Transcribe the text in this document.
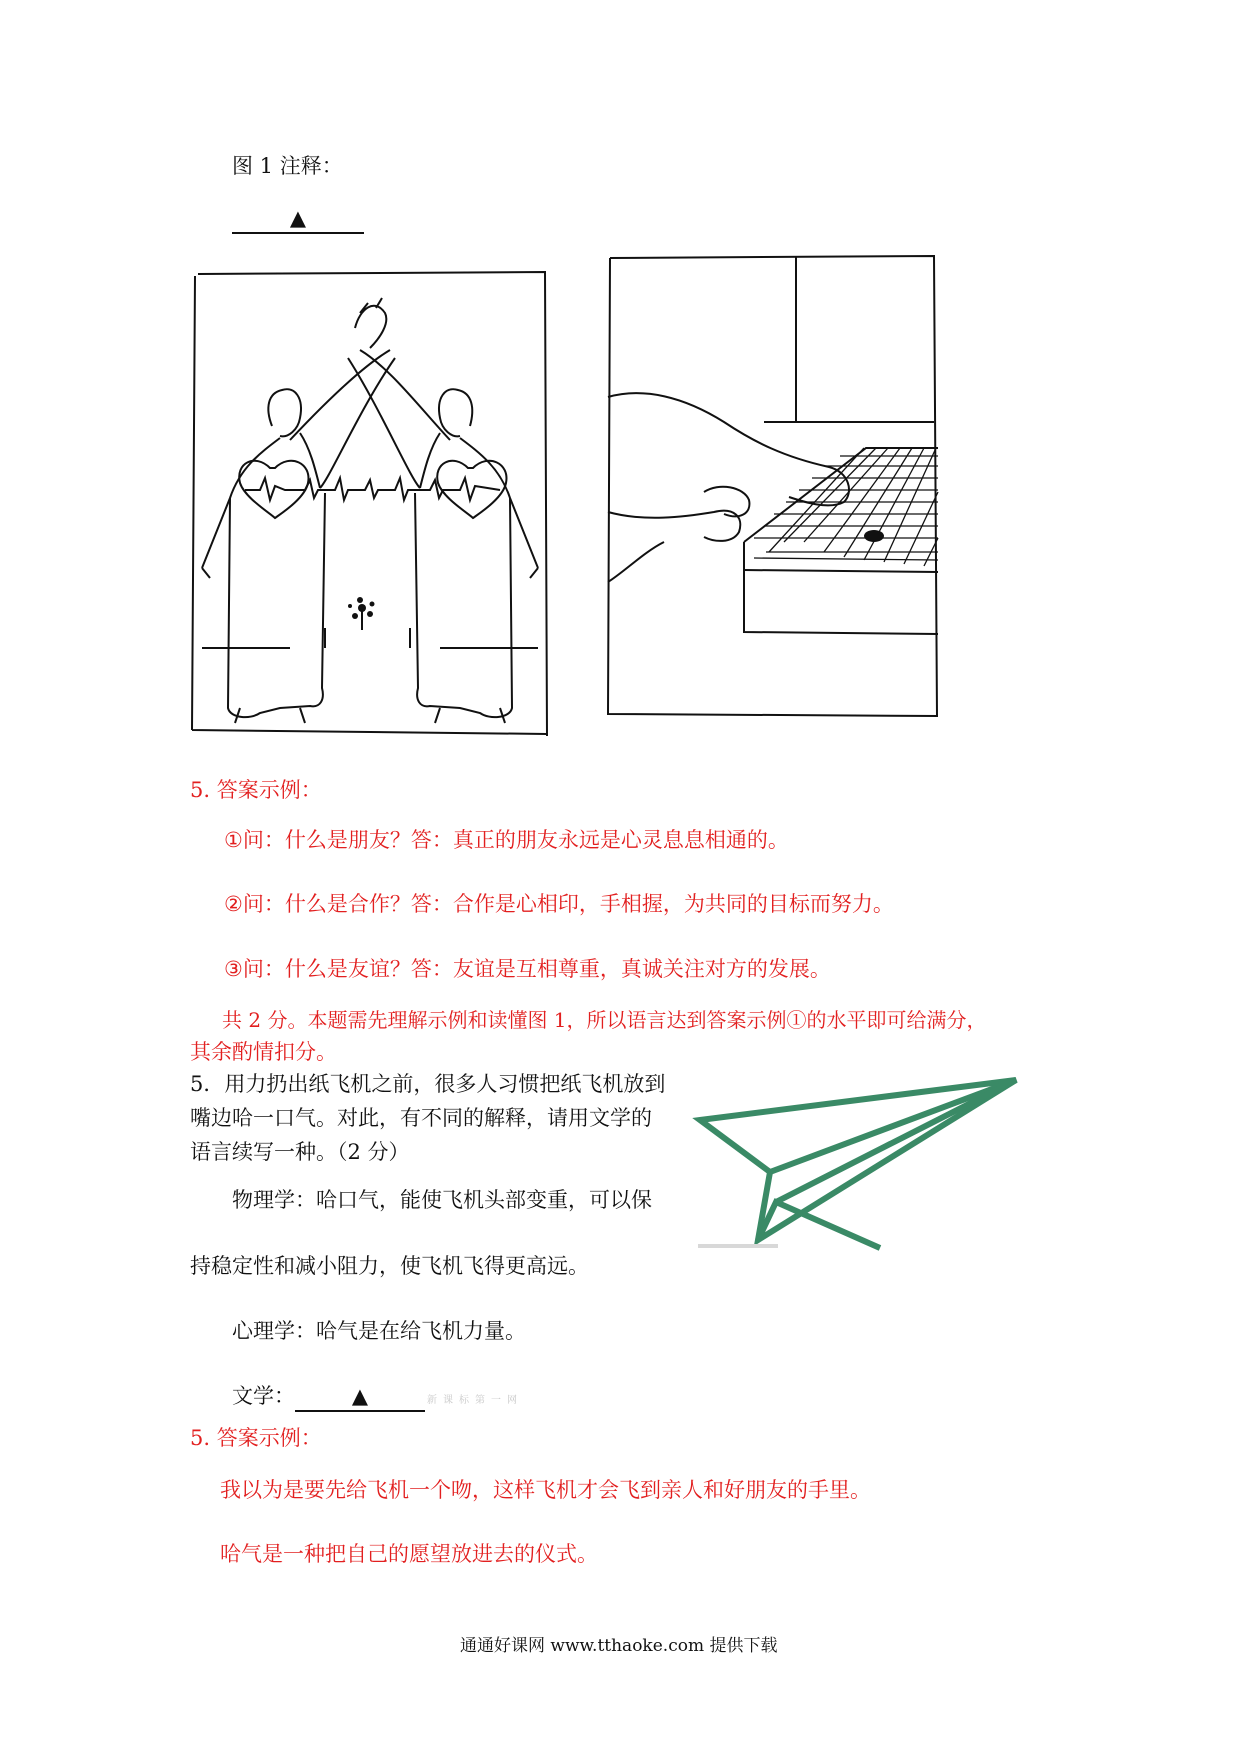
图 1 注释：
▲
5. 答案示例：
①问：什么是朋友？答：真正的朋友永远是心灵息息相通的。
②问：什么是合作？答：合作是心相印，手相握，为共同的目标而努力。
③问：什么是友谊？答：友谊是互相尊重，真诚关注对方的发展。
共 2 分。本题需先理解示例和读懂图 1，所以语言达到答案示例①的水平即可给满分，
其余酌情扣分。
5．用力扔出纸飞机之前，很多人习惯把纸飞机放到
嘴边哈一口气。对此，有不同的解释，请用文学的
语言续写一种。（2 分）
物理学：哈口气，能使飞机头部变重，可以保
持稳定性和减小阻力，使飞机飞得更高远。
心理学：哈气是在给飞机力量。
文学：	▲	新课标第一网
5. 答案示例：
我以为是要先给飞机一个吻，这样飞机才会飞到亲人和好朋友的手里。
哈气是一种把自己的愿望放进去的仪式。
通通好课网 www.tthaoke.com 提供下载
